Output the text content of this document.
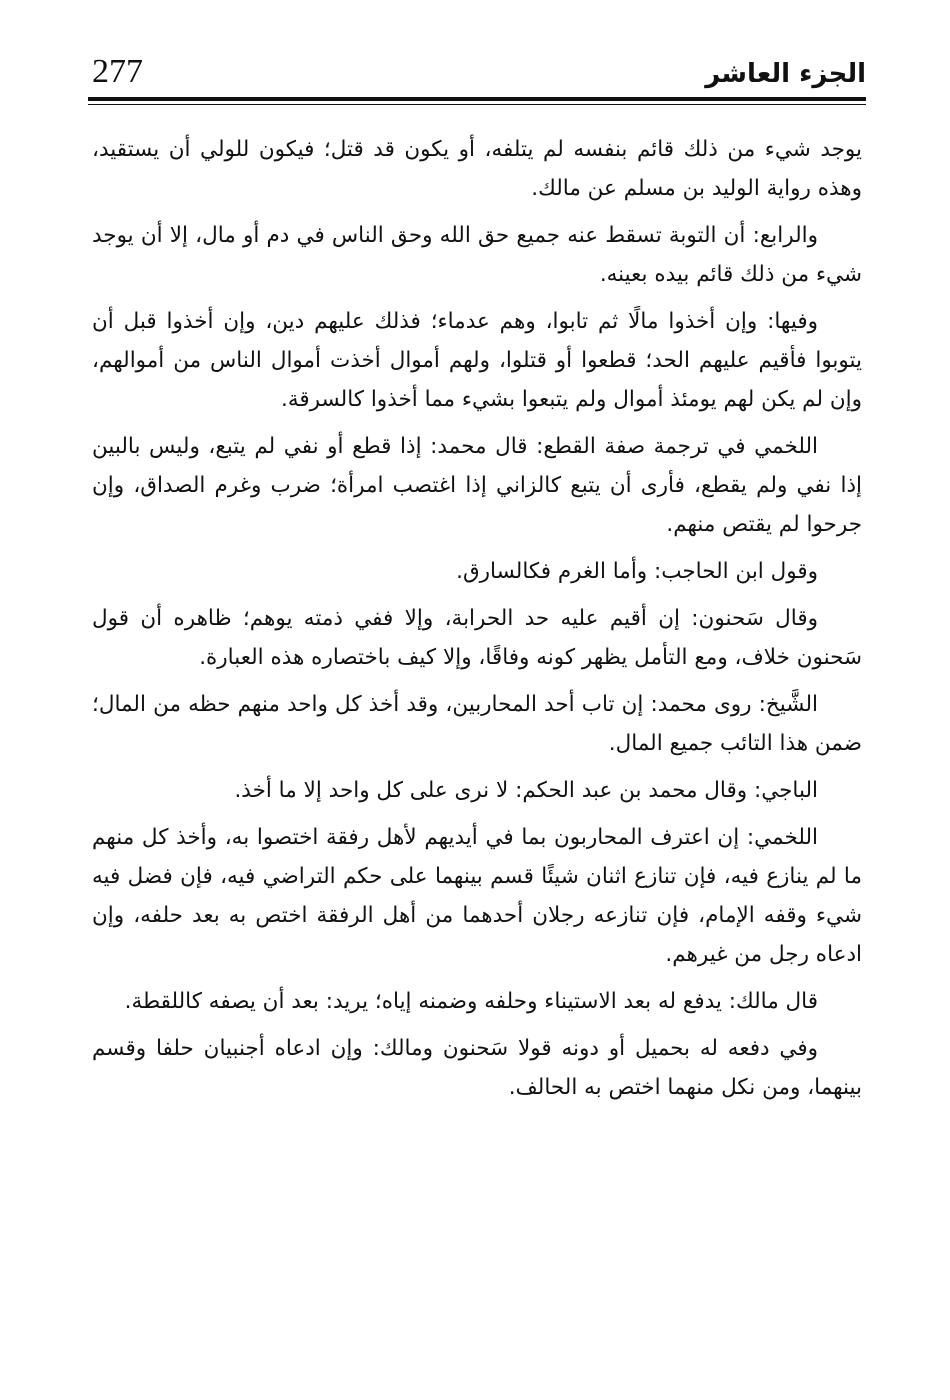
277	الجزء العاشر

يوجد شيء من ذلك قائم بنفسه لم يتلفه، أو يكون قد قتل؛ فيكون للولي أن يستقيد، وهذه رواية الوليد بن مسلم عن مالك.

والرابع: أن التوبة تسقط عنه جميع حق الله وحق الناس في دم أو مال، إلا أن يوجد شيء من ذلك قائم بيده بعينه.

وفيها: وإن أخذوا مالًا ثم تابوا، وهم عدماء؛ فذلك عليهم دين، وإن أخذوا قبل أن يتوبوا فأقيم عليهم الحد؛ قطعوا أو قتلوا، ولهم أموال أخذت أموال الناس من أموالهم، وإن لم يكن لهم يومئذ أموال ولم يتبعوا بشيء مما أخذوا كالسرقة.

اللخمي في ترجمة صفة القطع: قال محمد: إذا قطع أو نفي لم يتبع، وليس بالبين إذا نفي ولم يقطع، فأرى أن يتبع كالزاني إذا اغتصب امرأة؛ ضرب وغرم الصداق، وإن جرحوا لم يقتص منهم.

وقول ابن الحاجب: وأما الغرم فكالسارق.

وقال سَحنون: إن أقيم عليه حد الحرابة، وإلا ففي ذمته يوهم؛ ظاهره أن قول سَحنون خلاف، ومع التأمل يظهر كونه وفاقًا، وإلا كيف باختصاره هذه العبارة.

الشَّيخ: روى محمد: إن تاب أحد المحاربين، وقد أخذ كل واحد منهم حظه من المال؛ ضمن هذا التائب جميع المال.

الباجي: وقال محمد بن عبد الحكم: لا نرى على كل واحد إلا ما أخذ.

اللخمي: إن اعترف المحاربون بما في أيديهم لأهل رفقة اختصوا به، وأخذ كل منهم ما لم ينازع فيه، فإن تنازع اثنان شيئًا قسم بينهما على حكم التراضي فيه، فإن فضل فيه شيء وقفه الإمام، فإن تنازعه رجلان أحدهما من أهل الرفقة اختص به بعد حلفه، وإن ادعاه رجل من غيرهم.

قال مالك: يدفع له بعد الاستيناء وحلفه وضمنه إياه؛ يريد: بعد أن يصفه كاللقطة.

وفي دفعه له بحميل أو دونه قولا سَحنون ومالك: وإن ادعاه أجنبيان حلفا وقسم بينهما، ومن نكل منهما اختص به الحالف.
